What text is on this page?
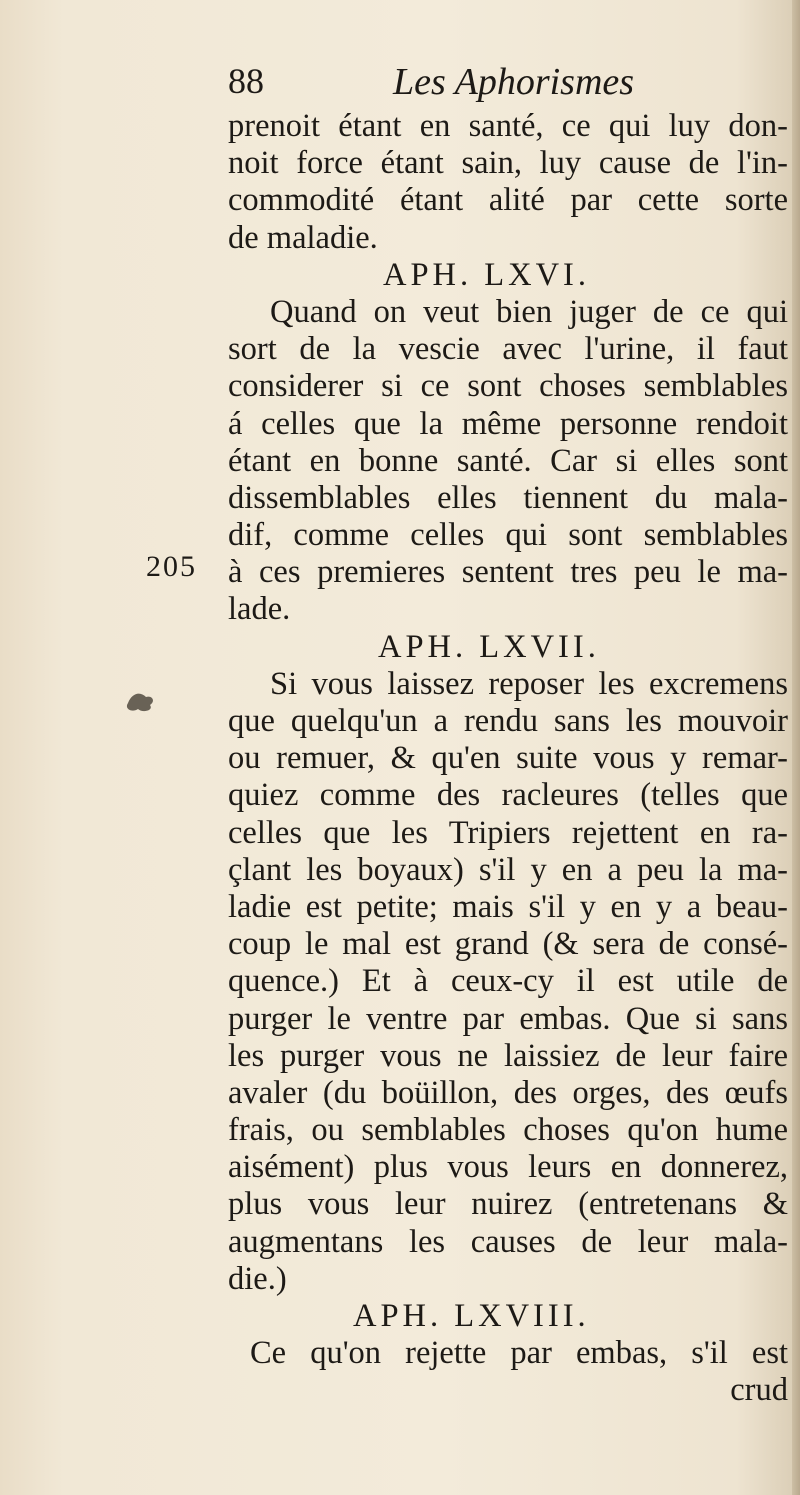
88	Les Aphorismes
205
prenoit étant en santé, ce qui luy don-
noit force étant sain, luy cause de l'in-
commodité étant alité par cette sorte
de maladie.
APH. LXVI.
Quand on veut bien juger de ce qui
sort de la vescie avec l'urine, il faut
considerer si ce sont choses semblables
á celles que la même personne rendoit
étant en bonne santé. Car si elles sont
dissemblables elles tiennent du mala-
dif, comme celles qui sont semblables
à ces premieres sentent tres peu le ma-
lade.
APH. LXVII.
Si vous laissez reposer les excremens
que quelqu'un a rendu sans les mouvoir
ou remuer, & qu'en suite vous y remar-
quiez comme des racleures (telles que
celles que les Tripiers rejettent en ra-
çlant les boyaux) s'il y en a peu la ma-
ladie est petite; mais s'il y en y a beau-
coup le mal est grand (& sera de consé-
quence.) Et à ceux-cy il est utile de
purger le ventre par embas. Que si sans
les purger vous ne laissiez de leur faire
avaler (du boüillon, des orges, des œufs
frais, ou semblables choses qu'on hume
aisément) plus vous leurs en donnerez,
plus vous leur nuirez (entretenans &
augmentans les causes de leur mala-
die.)
APH. LXVIII.
Ce qu'on rejette par embas, s'il est
crud
